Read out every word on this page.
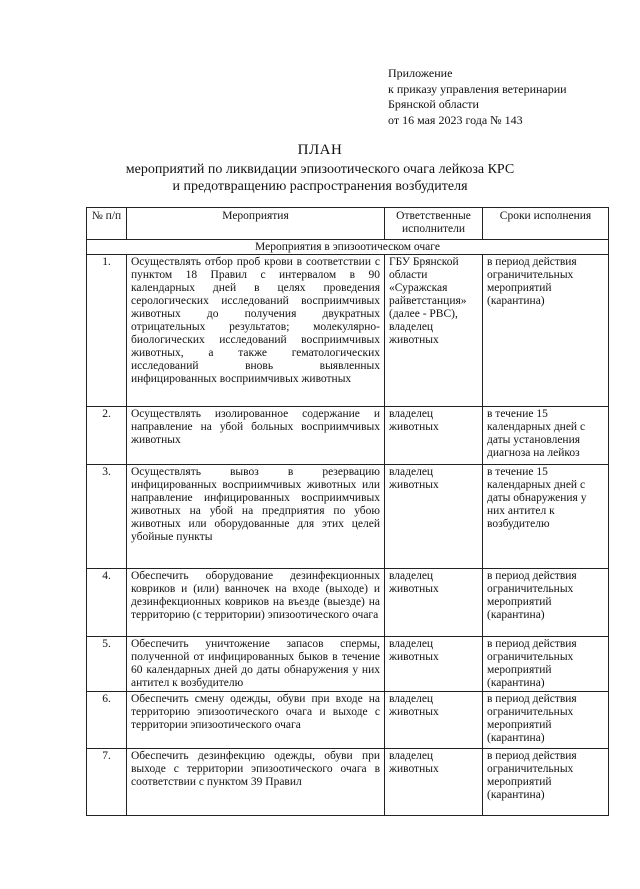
Приложение
к приказу управления ветеринарии
Брянской области
от 16 мая 2023 года № 143
ПЛАН
мероприятий по ликвидации эпизоотического очага лейкоза КРС
и предотвращению распространения возбудителя
№ п/п	Мероприятия	Ответственные исполнители	Сроки исполнения
Мероприятия в эпизоотическом очаге			
1.	Осуществлять отбор проб крови в соответствии с пунктом 18 Правил с интервалом в 90 календарных дней в целях проведения серологических исследований восприимчивых животных до получения двукратных отрицательных результатов; молекулярно-биологических исследований восприимчивых животных, а также гематологических исследований вновь выявленных инфицированных восприимчивых животных	ГБУ Брянской области «Суражская райветстанция» (далее - РВС), владелец животных	в период действия ограничительных мероприятий (карантина)
2.	Осуществлять изолированное содержание и направление на убой больных восприимчивых животных	владелец животных	в течение 15 календарных дней с даты установления диагноза на лейкоз
3.	Осуществлять вывоз в резервацию инфицированных восприимчивых животных или направление инфицированных восприимчивых животных на убой на предприятия по убою животных или оборудованные для этих целей убойные пункты	владелец животных	в течение 15 календарных дней с даты обнаружения у них антител к возбудителю
4.	Обеспечить оборудование дезинфекционных ковриков и (или) ванночек на входе (выходе) и дезинфекционных ковриков на въезде (выезде) на территорию (с территории) эпизоотического очага	владелец животных	в период действия ограничительных мероприятий (карантина)
5.	Обеспечить уничтожение запасов спермы, полученной от инфицированных быков в течение 60 календарных дней до даты обнаружения у них антител к возбудителю	владелец животных	в период действия ограничительных мероприятий (карантина)
6.	Обеспечить смену одежды, обуви при входе на территорию эпизоотического очага и выходе с территории эпизоотического очага	владелец животных	в период действия ограничительных мероприятий (карантина)
7.	Обеспечить дезинфекцию одежды, обуви при выходе с территории эпизоотического очага в соответствии с пунктом 39 Правил	владелец животных	в период действия ограничительных мероприятий (карантина)
